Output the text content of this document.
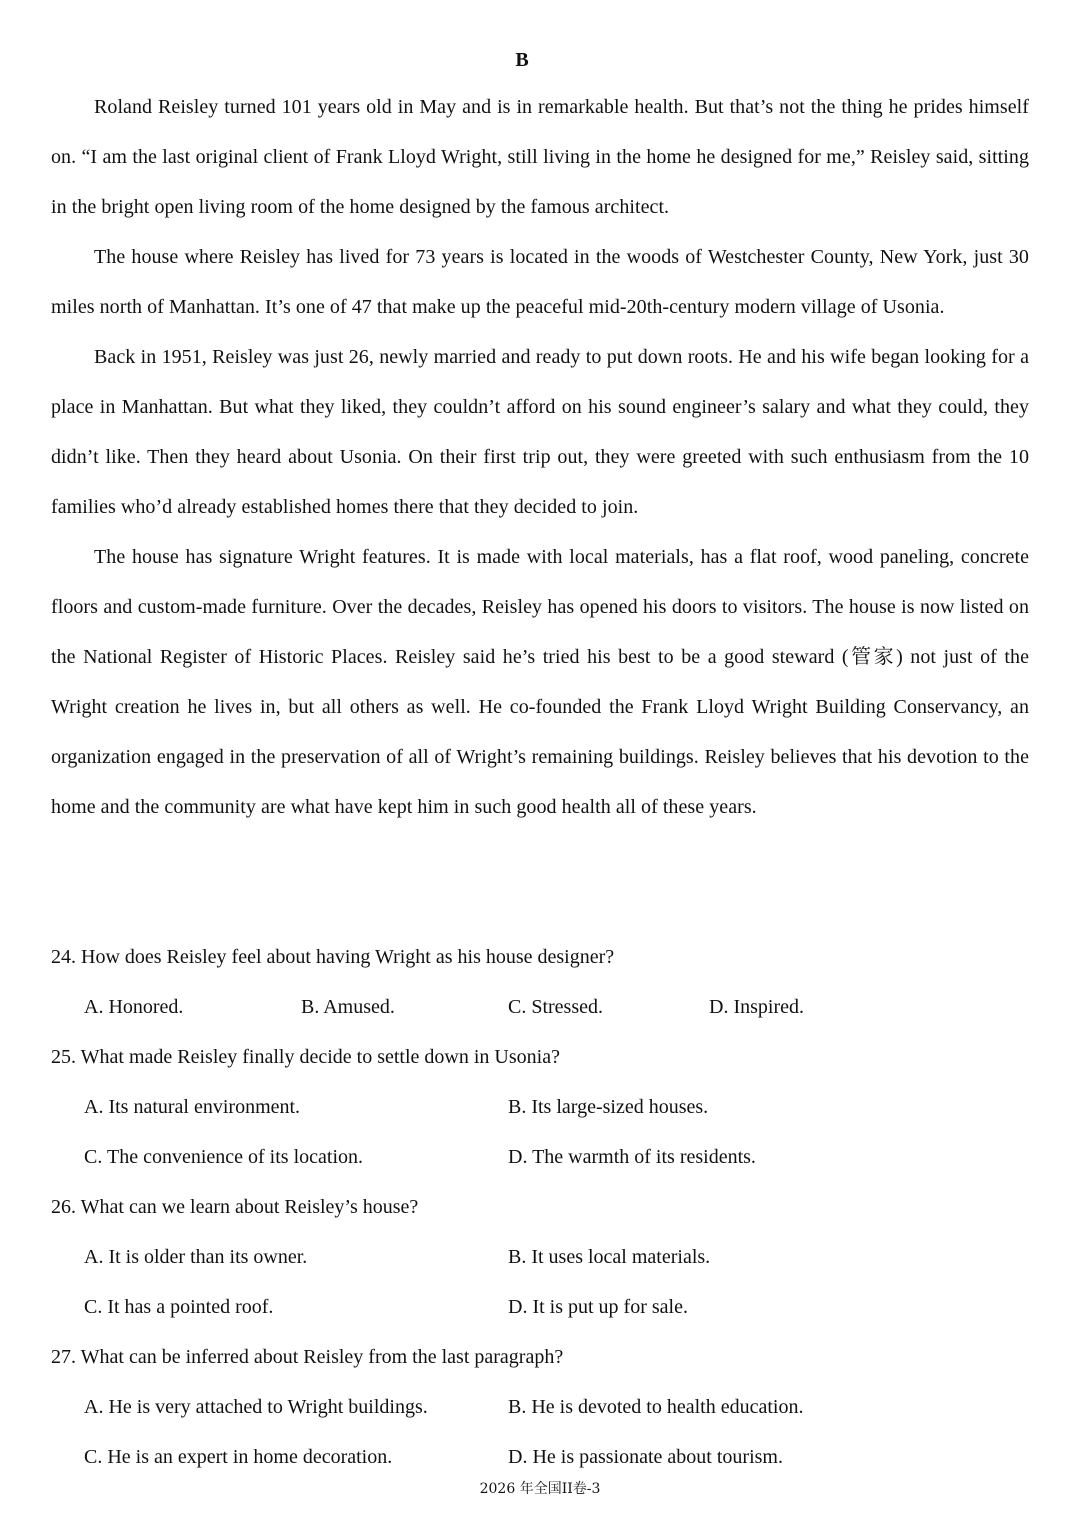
B

Roland Reisley turned 101 years old in May and is in remarkable health. But that’s not the thing he prides himself on. “I am the last original client of Frank Lloyd Wright, still living in the home he designed for me,” Reisley said, sitting in the bright open living room of the home designed by the famous architect.

The house where Reisley has lived for 73 years is located in the woods of Westchester County, New York, just 30 miles north of Manhattan. It’s one of 47 that make up the peaceful mid-20th-century modern village of Usonia.

Back in 1951, Reisley was just 26, newly married and ready to put down roots. He and his wife began looking for a place in Manhattan. But what they liked, they couldn’t afford on his sound engineer’s salary and what they could, they didn’t like. Then they heard about Usonia. On their first trip out, they were greeted with such enthusiasm from the 10 families who’d already established homes there that they decided to join.

The house has signature Wright features. It is made with local materials, has a flat roof, wood paneling, concrete floors and custom-made furniture. Over the decades, Reisley has opened his doors to visitors. The house is now listed on the National Register of Historic Places. Reisley said he’s tried his best to be a good steward (管家) not just of the Wright creation he lives in, but all others as well. He co-founded the Frank Lloyd Wright Building Conservancy, an organization engaged in the preservation of all of Wright’s remaining buildings. Reisley believes that his devotion to the home and the community are what have kept him in such good health all of these years.

24. How does Reisley feel about having Wright as his house designer?
A. Honored.	B. Amused.	C. Stressed.	D. Inspired.
25. What made Reisley finally decide to settle down in Usonia?
A. Its natural environment.	B. Its large-sized houses.
C. The convenience of its location.	D. The warmth of its residents.
26. What can we learn about Reisley’s house?
A. It is older than its owner.	B. It uses local materials.
C. It has a pointed roof.	D. It is put up for sale.
27. What can be inferred about Reisley from the last paragraph?
A. He is very attached to Wright buildings.	B. He is devoted to health education.
C. He is an expert in home decoration.	D. He is passionate about tourism.
2026 年全国II卷-3
